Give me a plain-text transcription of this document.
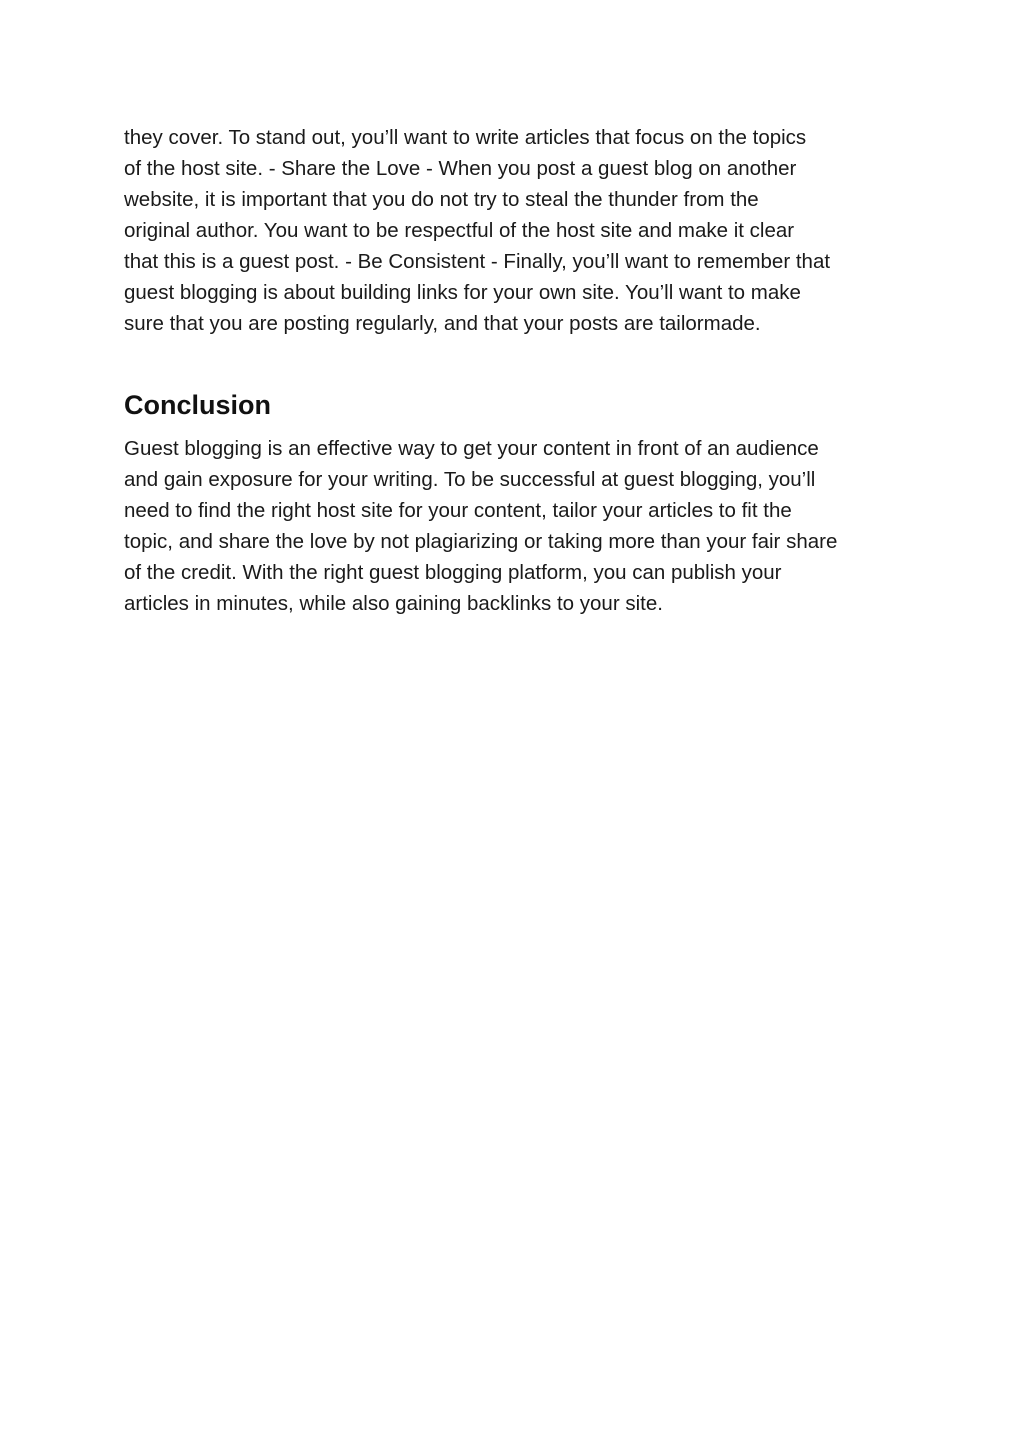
they cover. To stand out, you’ll want to write articles that focus on the topics
of the host site. - Share the Love - When you post a guest blog on another
website, it is important that you do not try to steal the thunder from the
original author. You want to be respectful of the host site and make it clear
that this is a guest post. - Be Consistent - Finally, you’ll want to remember that
guest blogging is about building links for your own site. You’ll want to make
sure that you are posting regularly, and that your posts are tailormade.

Conclusion

Guest blogging is an effective way to get your content in front of an audience
and gain exposure for your writing. To be successful at guest blogging, you’ll
need to find the right host site for your content, tailor your articles to fit the
topic, and share the love by not plagiarizing or taking more than your fair share
of the credit. With the right guest blogging platform, you can publish your
articles in minutes, while also gaining backlinks to your site.
